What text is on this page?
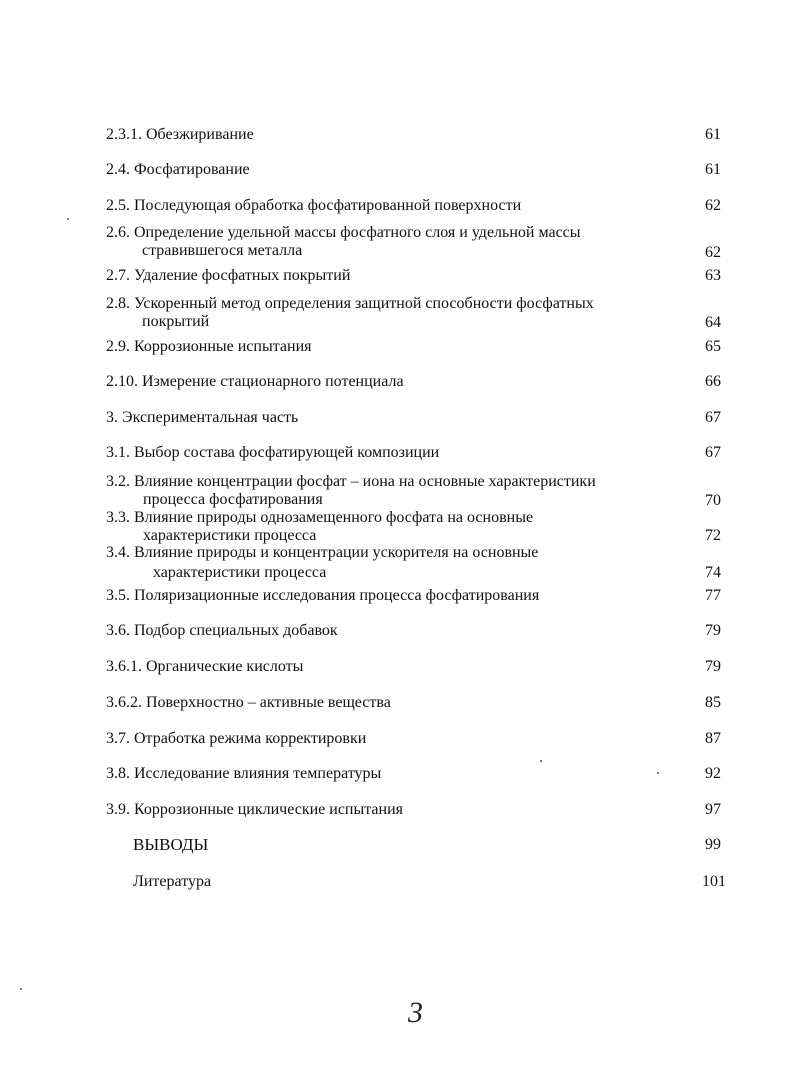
2.3.1. Обезжиривание	61
2.4. Фосфатирование	61
2.5. Последующая обработка фосфатированной поверхности	62
2.6. Определение удельной массы фосфатного слоя и удельной массы
стравившегося металла	62
2.7. Удаление фосфатных покрытий	63
2.8. Ускоренный метод определения защитной способности фосфатных
покрытий	64
2.9. Коррозионные испытания	65
2.10. Измерение стационарного потенциала	66
3. Экспериментальная часть	67
3.1. Выбор состава фосфатирующей композиции	67
3.2. Влияние концентрации фосфат – иона на основные характеристики
процесса фосфатирования	70
3.3. Влияние природы однозамещенного фосфата на основные
характеристики процесса	72
3.4. Влияние природы и концентрации ускорителя на основные
характеристики процесса	74
3.5. Поляризационные исследования процесса фосфатирования	77
3.6. Подбор специальных добавок	79
3.6.1. Органические кислоты	79
3.6.2. Поверхностно – активные вещества	85
3.7. Отработка режима корректировки	87
3.8. Исследование влияния температуры	92
3.9. Коррозионные циклические испытания	97
ВЫВОДЫ	99
Литература	101
3
